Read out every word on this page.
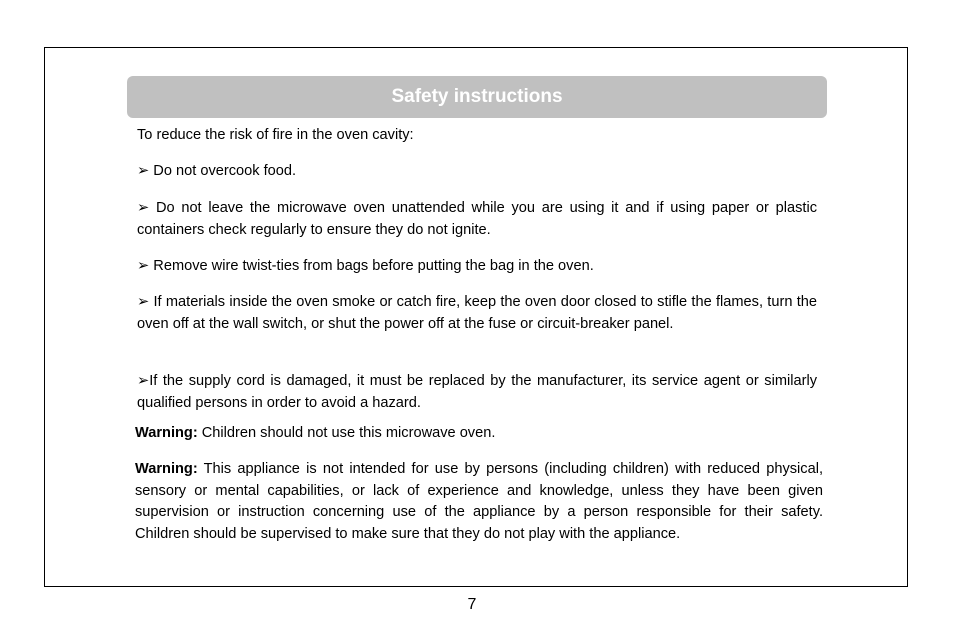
Safety instructions

To reduce the risk of fire in the oven cavity:

➢ Do not overcook food.

➢ Do not leave the microwave oven unattended while you are using it and if using paper or plastic containers check regularly to ensure they do not ignite.

➢ Remove wire twist-ties from bags before putting the bag in the oven.

➢ If materials inside the oven smoke or catch fire, keep the oven door closed to stifle the flames, turn the oven off at the wall switch, or shut the power off at the fuse or circuit-breaker panel.

➢If the supply cord is damaged, it must be replaced by the manufacturer, its service agent or similarly qualified persons in order to avoid a hazard.

Warning: Children should not use this microwave oven.

Warning: This appliance is not intended for use by persons (including children) with reduced physical, sensory or mental capabilities, or lack of experience and knowledge, unless they have been given supervision or instruction concerning use of the appliance by a person responsible for their safety. Children should be supervised to make sure that they do not play with the appliance.

7
